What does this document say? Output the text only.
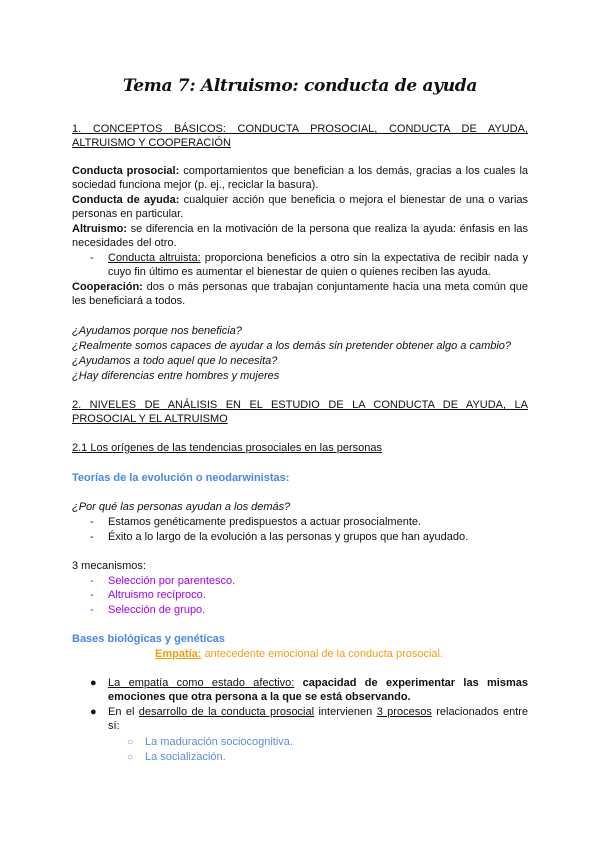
Tema 7: Altruismo: conducta de ayuda
1. CONCEPTOS BÁSICOS: CONDUCTA PROSOCIAL, CONDUCTA DE AYUDA,
ALTRUISMO Y COOPERACIÓN
Conducta prosocial: comportamientos que benefician a los demás, gracias a los cuales la
sociedad funciona mejor (p. ej., reciclar la basura).
Conducta de ayuda: cualquier acción que beneficia o mejora el bienestar de una o varias
personas en particular.
Altruismo: se diferencia en la motivación de la persona que realiza la ayuda: énfasis en las
necesidades del otro.
- Conducta altruista: proporciona beneficios a otro sin la expectativa de recibir nada y
cuyo fin último es aumentar el bienestar de quien o quienes reciben las ayuda.
Cooperación: dos o más personas que trabajan conjuntamente hacia una meta común que
les beneficiará a todos.
¿Ayudamos porque nos beneficia?
¿Realmente somos capaces de ayudar a los demás sin pretender obtener algo a cambio?
¿Ayudamos a todo aquel que lo necesita?
¿Hay diferencias entre hombres y mujeres
2. NIVELES DE ANÁLISIS EN EL ESTUDIO DE LA CONDUCTA DE AYUDA, LA
PROSOCIAL Y EL ALTRUISMO
2.1 Los orígenes de las tendencias prosociales en las personas
Teorías de la evolución o neodarwinistas:
¿Por qué las personas ayudan a los demás?
- Estamos genéticamente predispuestos a actuar prosocialmente.
- Éxito a lo largo de la evolución a las personas y grupos que han ayudado.
3 mecanismos:
- Selección por parentesco.
- Altruismo recíproco.
- Selección de grupo.
Bases biológicas y genéticas
Empatía: antecedente emocional de la conducta prosocial.
● La empatía como estado afectivo: capacidad de experimentar las mismas
emociones que otra persona a la que se está observando.
● En el desarrollo de la conducta prosocial intervienen 3 procesos relacionados entre
sí:
○ La maduración sociocognitiva.
○ La socialización.
